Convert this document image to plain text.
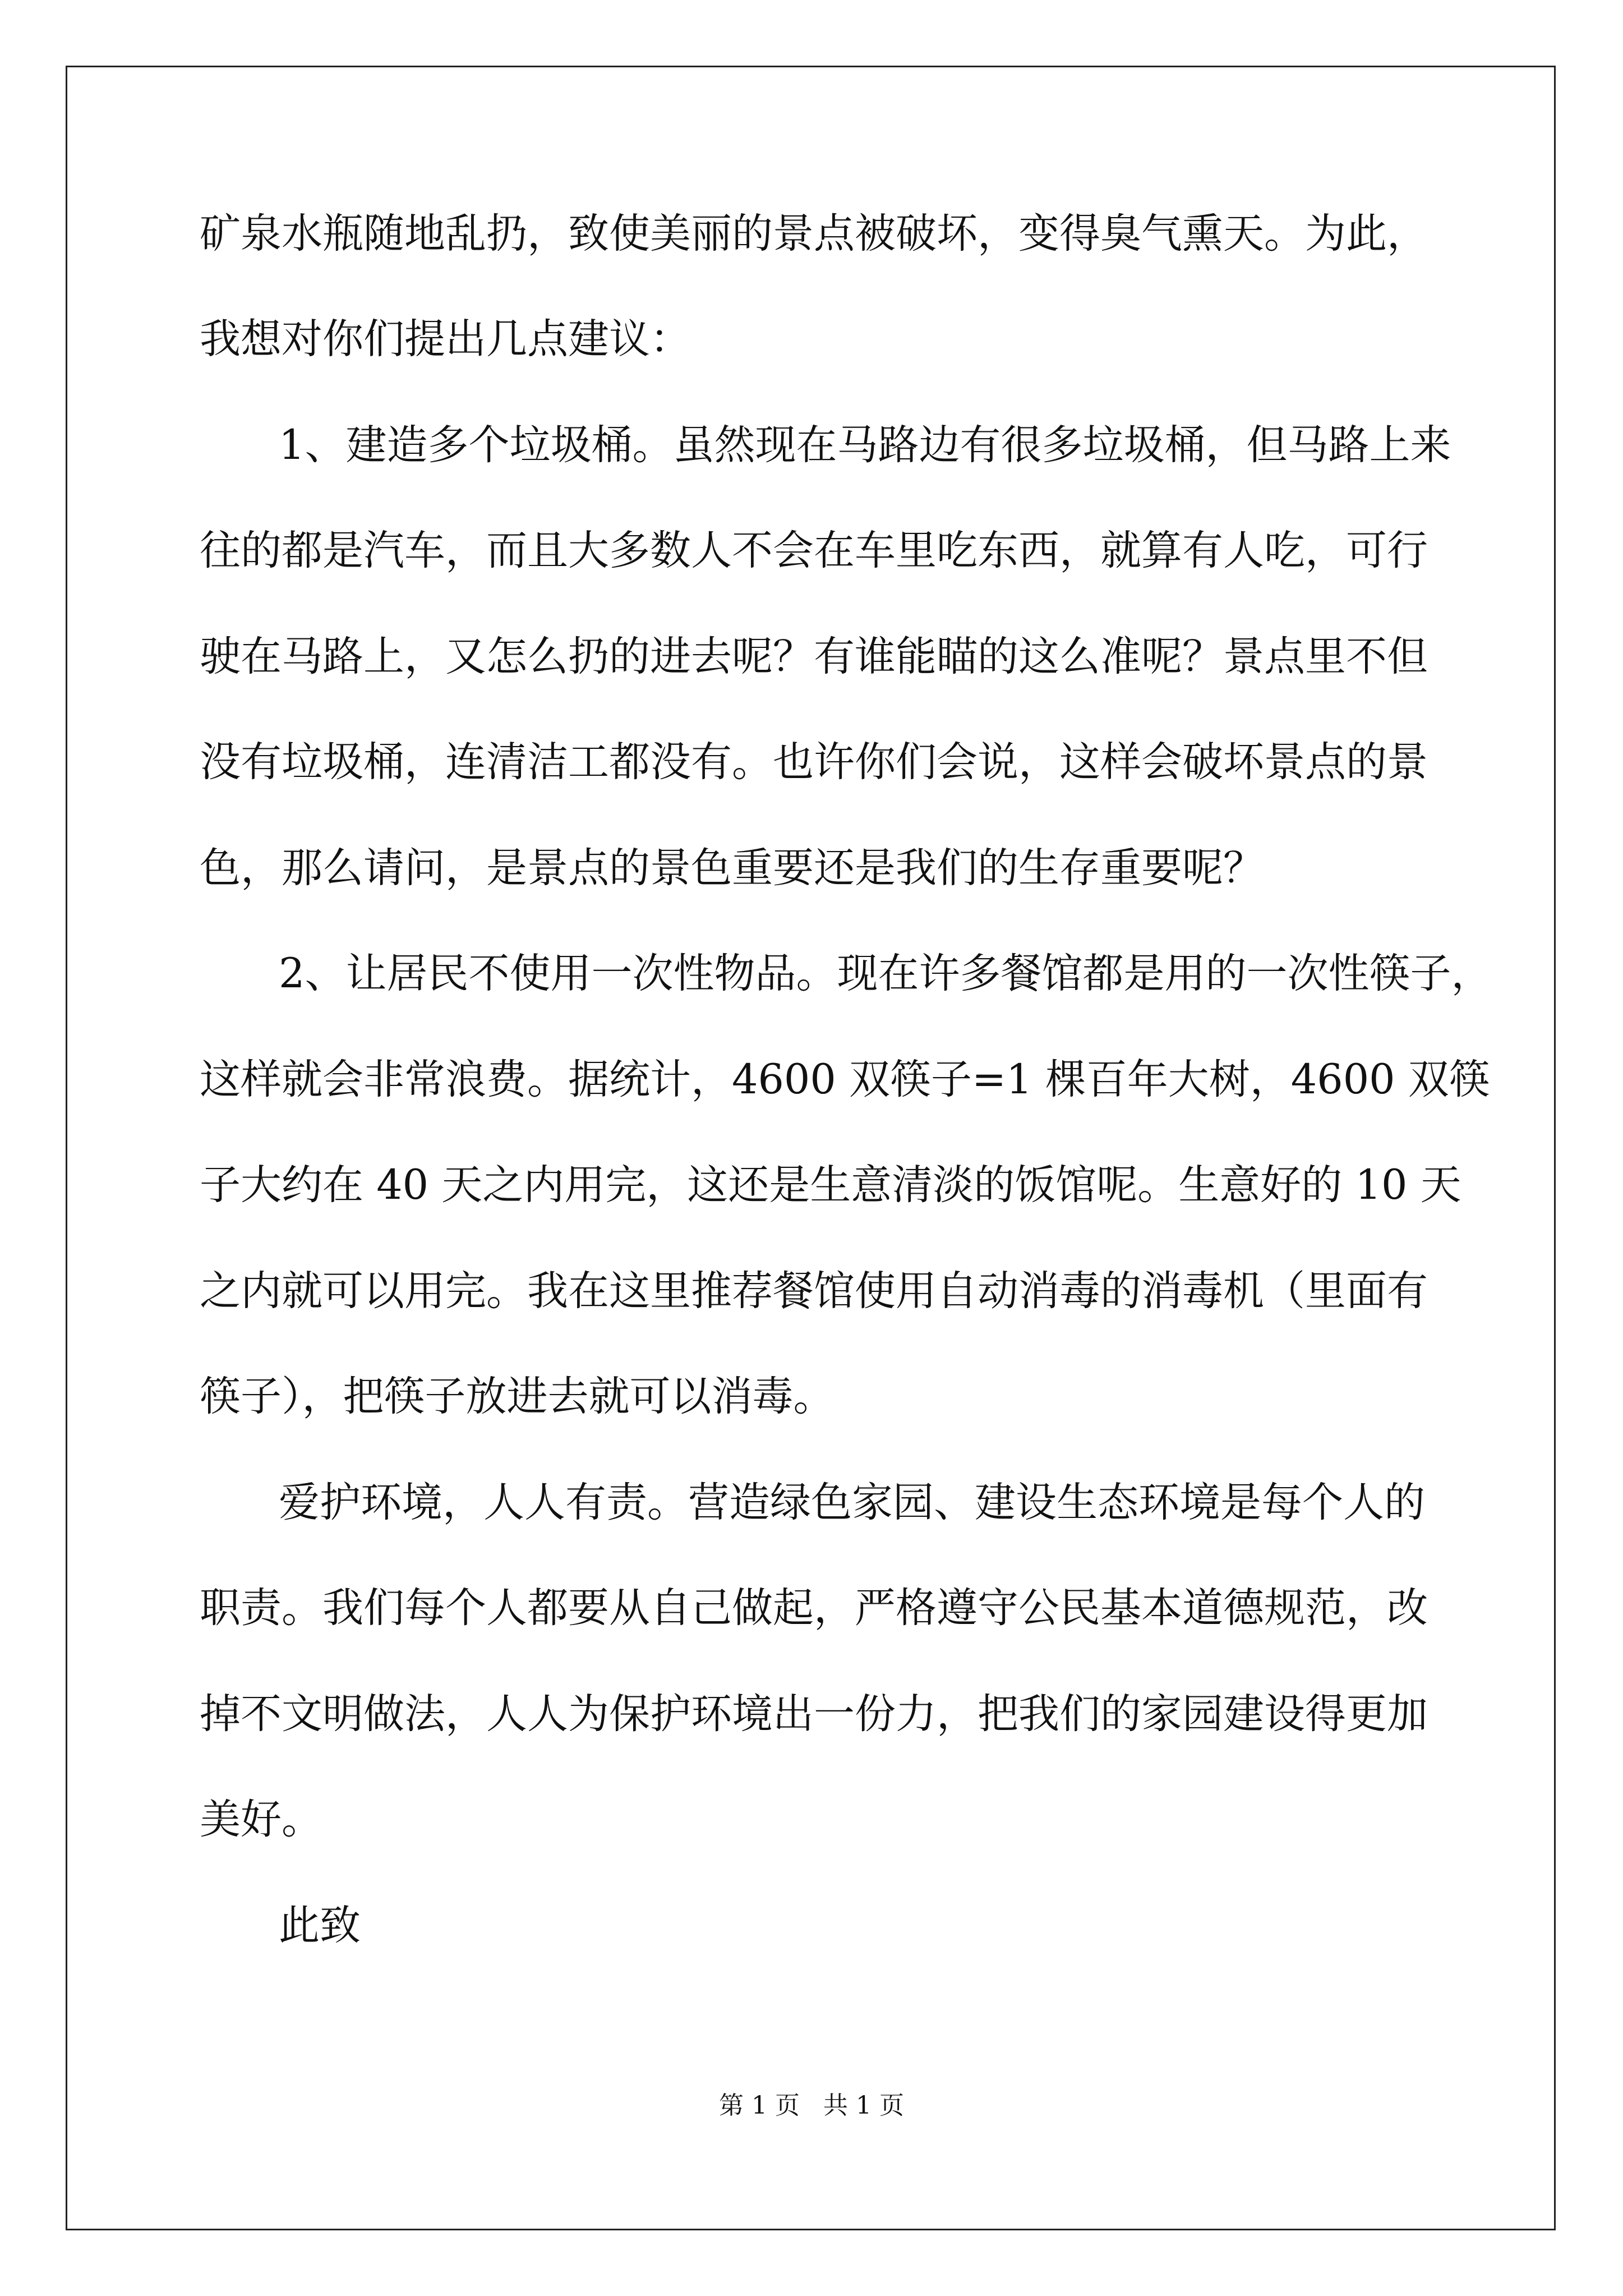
矿泉水瓶随地乱扔，致使美丽的景点被破坏，变得臭气熏天。为此，
我想对你们提出几点建议：
1、建造多个垃圾桶。虽然现在马路边有很多垃圾桶，但马路上来
往的都是汽车，而且大多数人不会在车里吃东西，就算有人吃，可行
驶在马路上，又怎么扔的进去呢？有谁能瞄的这么准呢？景点里不但
没有垃圾桶，连清洁工都没有。也许你们会说，这样会破坏景点的景
色，那么请问，是景点的景色重要还是我们的生存重要呢？
2、让居民不使用一次性物品。现在许多餐馆都是用的一次性筷子，
这样就会非常浪费。据统计，4600 双筷子=1 棵百年大树，4600 双筷
子大约在 40 天之内用完，这还是生意清淡的饭馆呢。生意好的 10 天
之内就可以用完。我在这里推荐餐馆使用自动消毒的消毒机（里面有
筷子），把筷子放进去就可以消毒。
爱护环境，人人有责。营造绿色家园、建设生态环境是每个人的
职责。我们每个人都要从自己做起，严格遵守公民基本道德规范，改
掉不文明做法，人人为保护环境出一份力，把我们的家园建设得更加
美好。
此致
第 1 页   共 1 页
